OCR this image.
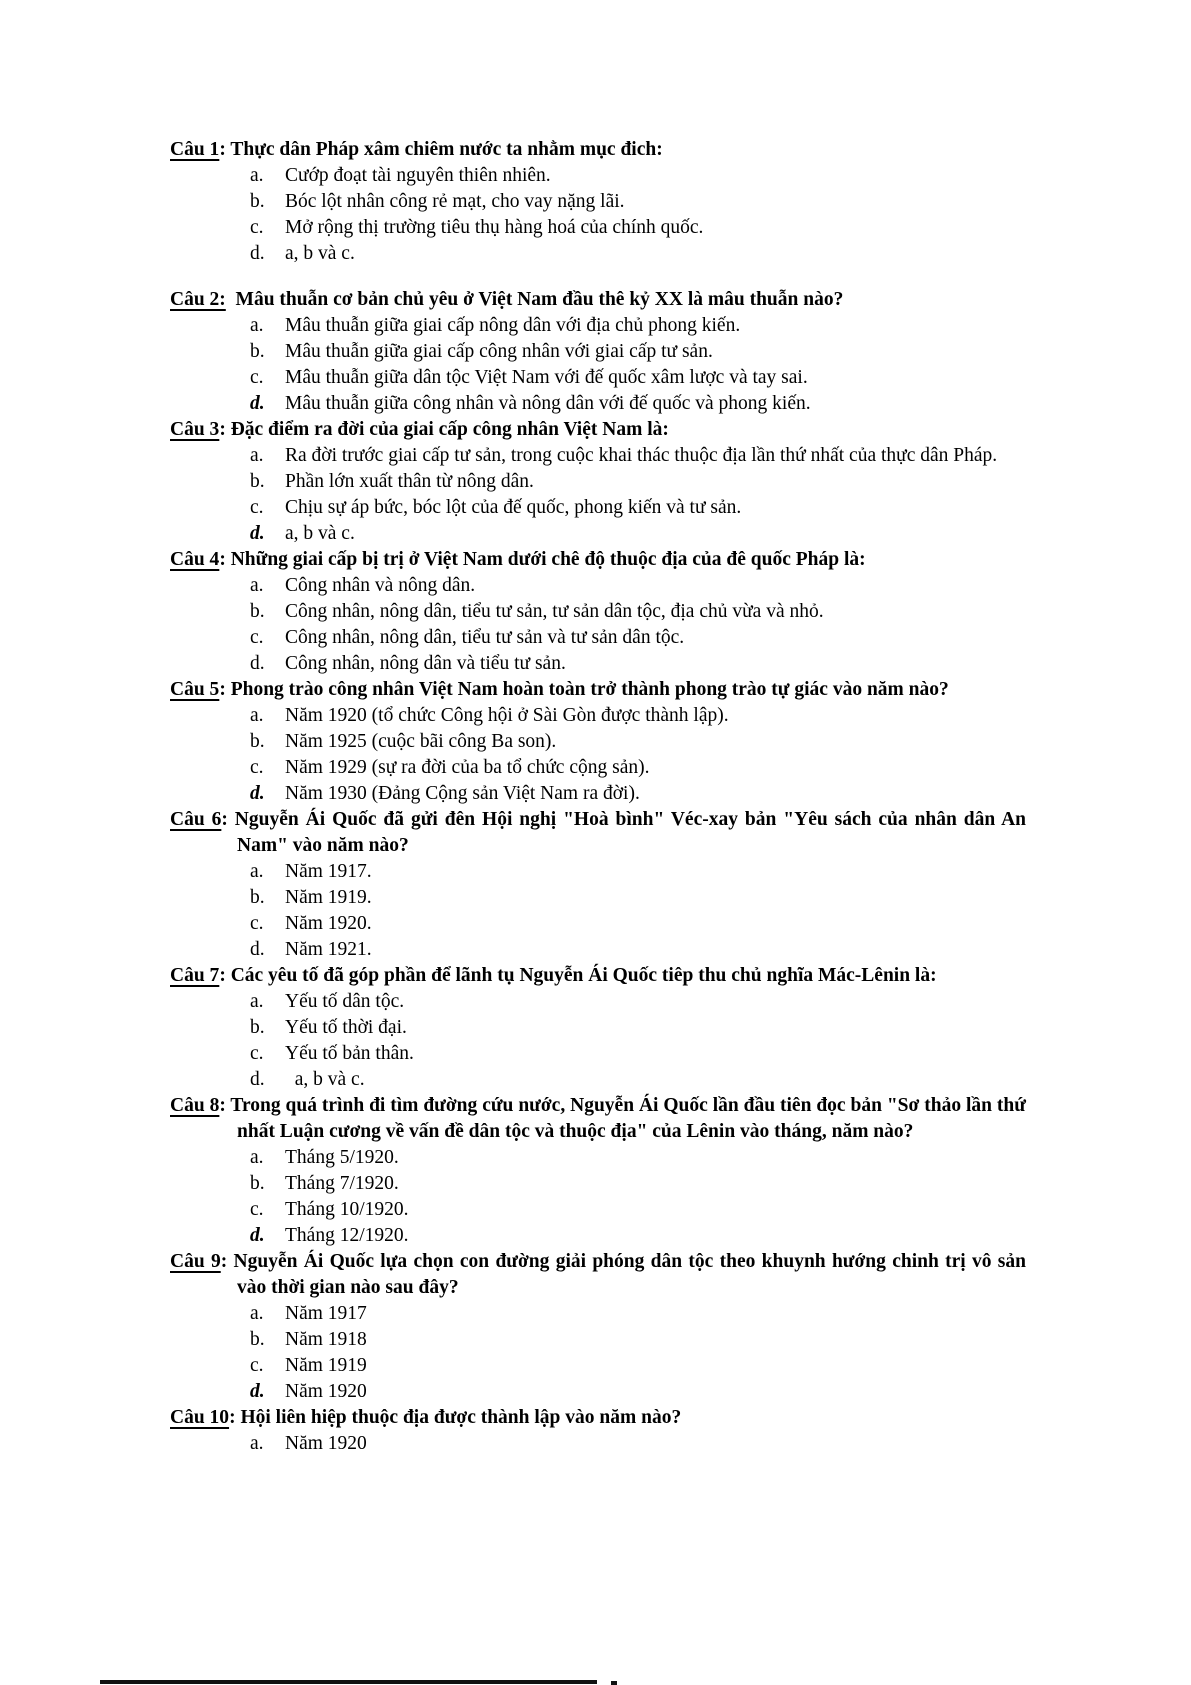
Câu 1: Thực dân Pháp xâm chiêm nước ta nhằm mục đich:
a.	Cướp đoạt tài nguyên thiên nhiên.
b.	Bóc lột nhân công rẻ mạt, cho vay nặng lãi.
c.	Mở rộng thị trường tiêu thụ hàng hoá của chính quốc.
d.	a, b và c.
Câu 2: Mâu thuẫn cơ bản chủ yêu ở Việt Nam đầu thê kỷ XX là mâu thuẫn nào?
a.	Mâu thuẫn giữa giai cấp nông dân với địa chủ phong kiến.
b.	Mâu thuẫn giữa giai cấp công nhân với giai cấp tư sản.
c.	Mâu thuẫn giữa dân tộc Việt Nam với đế quốc xâm lược và tay sai.
d.	Mâu thuẫn giữa công nhân và nông dân với đế quốc và phong kiến.
Câu 3: Đặc điểm ra đời của giai cấp công nhân Việt Nam là:
a.	Ra đời trước giai cấp tư sản, trong cuộc khai thác thuộc địa lần thứ nhất của thực dân Pháp.
b.	Phần lớn xuất thân từ nông dân.
c.	Chịu sự áp bức, bóc lột của đế quốc, phong kiến và tư sản.
d.	a, b và c.
Câu 4: Những giai cấp bị trị ở Việt Nam dưới chê độ thuộc địa của đê quốc Pháp là:
a.	Công nhân và nông dân.
b.	Công nhân, nông dân, tiểu tư sản, tư sản dân tộc, địa chủ vừa và nhỏ.
c.	Công nhân, nông dân, tiểu tư sản và tư sản dân tộc.
d.	Công nhân, nông dân và tiểu tư sản.
Câu 5: Phong trào công nhân Việt Nam hoàn toàn trở thành phong trào tự giác vào năm nào?
a.	Năm 1920 (tổ chức Công hội ở Sài Gòn được thành lập).
b.	Năm 1925 (cuộc bãi công Ba son).
c.	Năm 1929 (sự ra đời của ba tổ chức cộng sản).
d.	Năm 1930 (Đảng Cộng sản Việt Nam ra đời).
Câu 6: Nguyễn Ái Quốc đã gửi đên Hội nghị "Hoà bình" Véc-xay bản "Yêu sách của nhân dân An Nam" vào năm nào?
a.	Năm 1917.
b.	Năm 1919.
c.	Năm 1920.
d.	Năm 1921.
Câu 7: Các yêu tố đã góp phần để lãnh tụ Nguyễn Ái Quốc tiêp thu chủ nghĩa Mác-Lênin là:
a.	Yếu tố dân tộc.
b.	Yếu tố thời đại.
c.	Yếu tố bản thân.
d.	a, b và c.
Câu 8: Trong quá trình đi tìm đường cứu nước, Nguyễn Ái Quốc lần đầu tiên đọc bản "Sơ thảo lần thứ nhất Luận cương về vấn đề dân tộc và thuộc địa" của Lênin vào tháng, năm nào?
a.	Tháng 5/1920.
b.	Tháng 7/1920.
c.	Tháng 10/1920.
d.	Tháng 12/1920.
Câu 9: Nguyễn Ái Quốc lựa chọn con đường giải phóng dân tộc theo khuynh hướng chinh trị vô sản vào thời gian nào sau đây?
a.	Năm 1917
b.	Năm 1918
c.	Năm 1919
d.	Năm 1920
Câu 10: Hội liên hiệp thuộc địa được thành lập vào năm nào?
a.	Năm 1920
